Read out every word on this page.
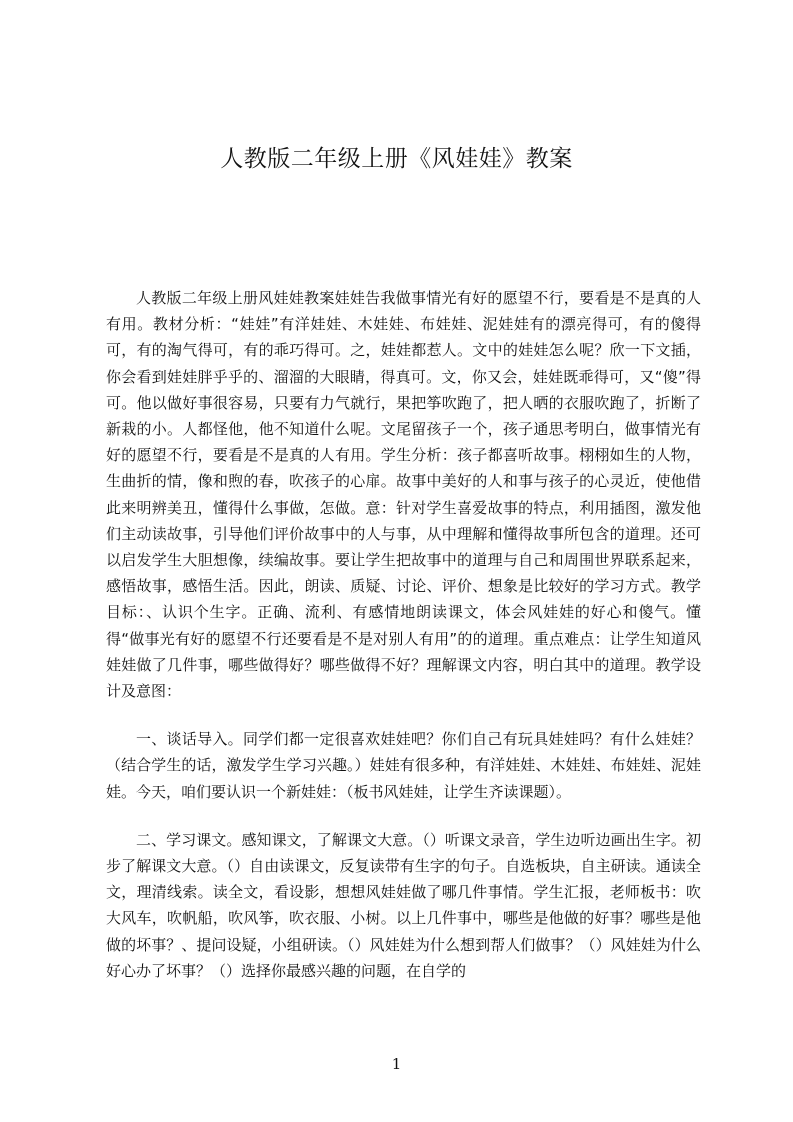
人教版二年级上册《风娃娃》教案

人教版二年级上册风娃娃教案娃娃告我做事情光有好的愿望不行，要看是不是真的人有用。教材分析：“娃娃”有洋娃娃、木娃娃、布娃娃、泥娃娃有的漂亮得可，有的傻得可，有的淘气得可，有的乖巧得可。之，娃娃都惹人。文中的娃娃怎么呢？欣一下文插，你会看到娃娃胖乎乎的、溜溜的大眼睛，得真可。文，你又会，娃娃既乖得可，又“傻”得可。他以做好事很容易，只要有力气就行，果把筝吹跑了，把人晒的衣服吹跑了，折断了新栽的小。人都怪他，他不知道什么呢。文尾留孩子一个，孩子通思考明白，做事情光有好的愿望不行，要看是不是真的人有用。学生分析：孩子都喜听故事。栩栩如生的人物，生曲折的情，像和煦的春，吹孩子的心扉。故事中美好的人和事与孩子的心灵近，使他借此来明辨美丑，懂得什么事做，怎做。意：针对学生喜爱故事的特点，利用插图，激发他们主动读故事，引导他们评价故事中的人与事，从中理解和懂得故事所包含的道理。还可以启发学生大胆想像，续编故事。要让学生把故事中的道理与自己和周围世界联系起来，感悟故事，感悟生活。因此，朗读、质疑、讨论、评价、想象是比较好的学习方式。教学目标：、认识个生字。正确、流利、有感情地朗读课文，体会风娃娃的好心和傻气。懂得“做事光有好的愿望不行还要看是不是对别人有用”的的道理。重点难点：让学生知道风娃娃做了几件事，哪些做得好？哪些做得不好？理解课文内容，明白其中的道理。教学设计及意图：

一、谈话导入。同学们都一定很喜欢娃娃吧？你们自己有玩具娃娃吗？有什么娃娃？（结合学生的话，激发学生学习兴趣。）娃娃有很多种，有洋娃娃、木娃娃、布娃娃、泥娃娃。今天，咱们要认识一个新娃娃：（板书风娃娃，让学生齐读课题）。

二、学习课文。感知课文，了解课文大意。（）听课文录音，学生边听边画出生字。初步了解课文大意。（）自由读课文，反复读带有生字的句子。自选板块，自主研读。通读全文，理清线索。读全文，看设影，想想风娃娃做了哪几件事情。学生汇报，老师板书：吹大风车，吹帆船，吹风筝，吹衣服、小树。以上几件事中，哪些是他做的好事？哪些是他做的坏事？、提问设疑，小组研读。（）风娃娃为什么想到帮人们做事？（）风娃娃为什么好心办了坏事？（）选择你最感兴趣的问题，在自学的

1
